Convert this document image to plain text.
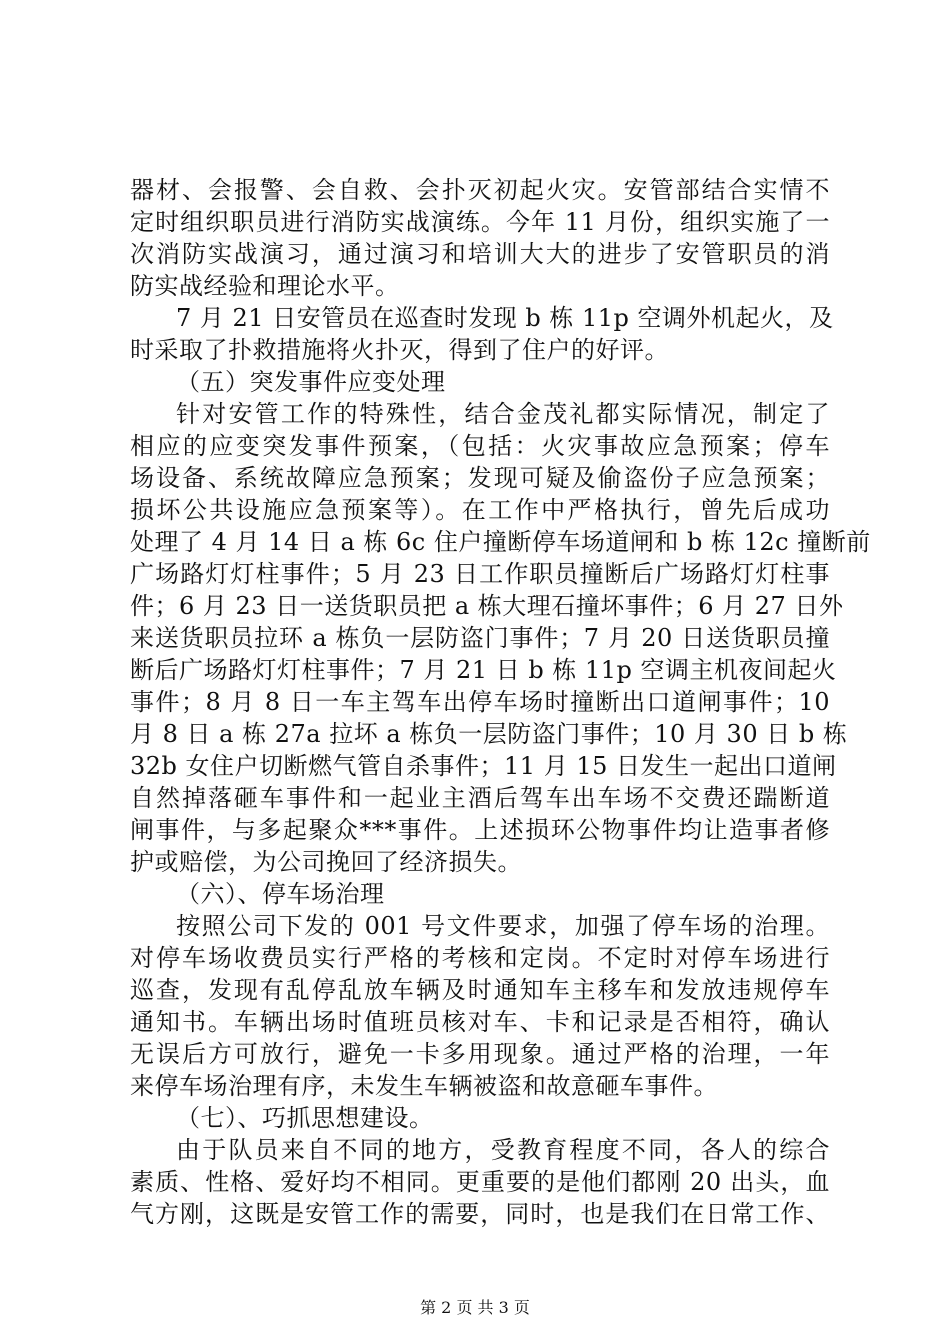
器材、会报警、会自救、会扑灭初起火灾。安管部结合实情不
定时组织职员进行消防实战演练。今年 11 月份，组织实施了一
次消防实战演习，通过演习和培训大大的进步了安管职员的消
防实战经验和理论水平。
7 月 21 日安管员在巡查时发现 b 栋 11p 空调外机起火，及
时采取了扑救措施将火扑灭，得到了住户的好评。
（五）突发事件应变处理
针对安管工作的特殊性，结合金茂礼都实际情况，制定了
相应的应变突发事件预案，（包括：火灾事故应急预案；停车
场设备、系统故障应急预案；发现可疑及偷盗份子应急预案；
损坏公共设施应急预案等）。在工作中严格执行，曾先后成功
处理了 4 月 14 日 a 栋 6c 住户撞断停车场道闸和 b 栋 12c 撞断前
广场路灯灯柱事件；5 月 23 日工作职员撞断后广场路灯灯柱事
件；6 月 23 日一送货职员把 a 栋大理石撞坏事件；6 月 27 日外
来送货职员拉环 a 栋负一层防盗门事件；7 月 20 日送货职员撞
断后广场路灯灯柱事件；7 月 21 日 b 栋 11p 空调主机夜间起火
事件；8 月 8 日一车主驾车出停车场时撞断出口道闸事件；10
月 8 日 a 栋 27a 拉坏 a 栋负一层防盗门事件；10 月 30 日 b 栋
32b 女住户切断燃气管自杀事件；11 月 15 日发生一起出口道闸
自然掉落砸车事件和一起业主酒后驾车出车场不交费还踹断道
闸事件，与多起聚众***事件。上述损环公物事件均让造事者修
护或赔偿，为公司挽回了经济损失。
（六）、停车场治理
按照公司下发的 001 号文件要求，加强了停车场的治理。
对停车场收费员实行严格的考核和定岗。不定时对停车场进行
巡查，发现有乱停乱放车辆及时通知车主移车和发放违规停车
通知书。车辆出场时值班员核对车、卡和记录是否相符，确认
无误后方可放行，避免一卡多用现象。通过严格的治理，一年
来停车场治理有序，未发生车辆被盗和故意砸车事件。
（七）、巧抓思想建设。
由于队员来自不同的地方，受教育程度不同，各人的综合
素质、性格、爱好均不相同。更重要的是他们都刚 20 出头，血
气方刚，这既是安管工作的需要，同时，也是我们在日常工作、
第 2 页 共 3 页
